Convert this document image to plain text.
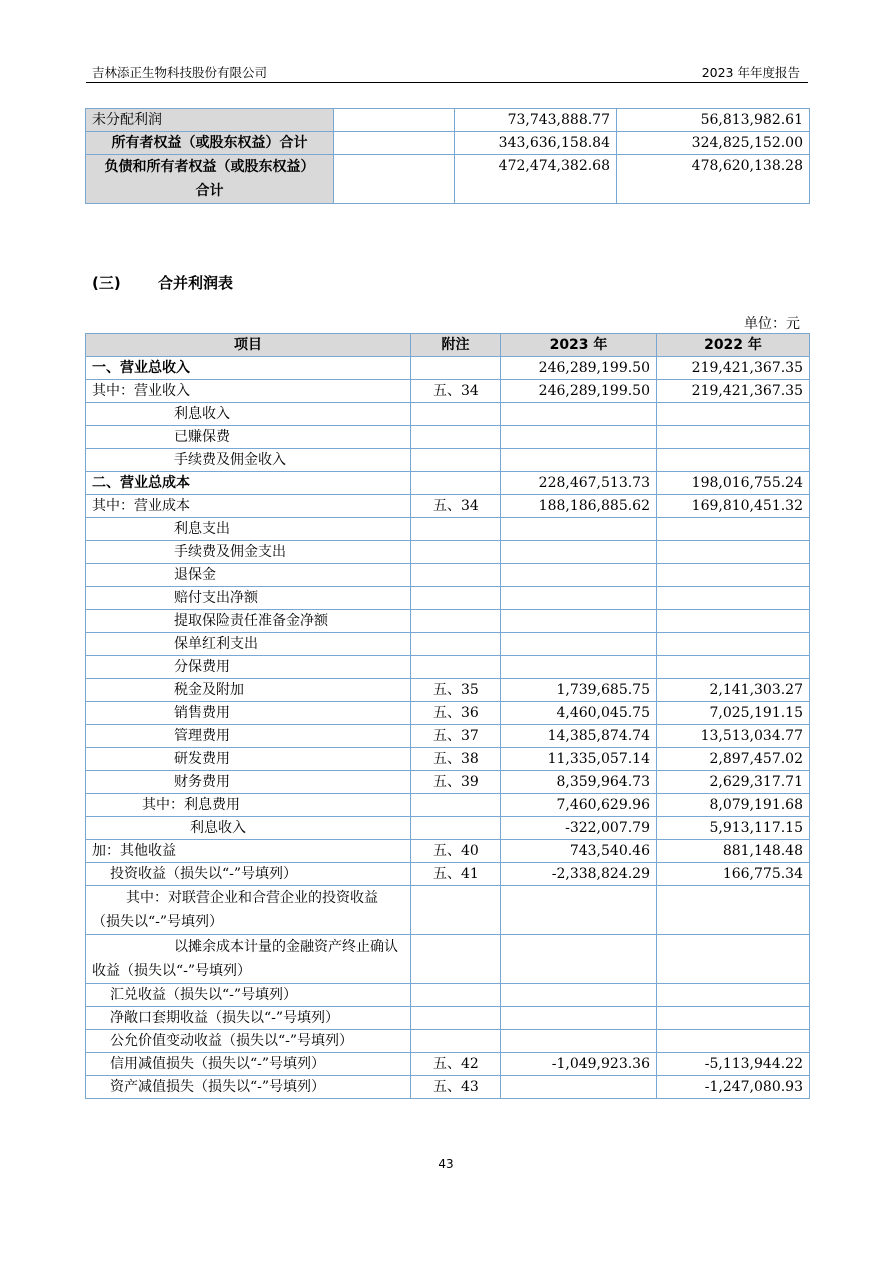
吉林添正生物科技股份有限公司	2023 年年度报告
未分配利润		73,743,888.77	56,813,982.61
所有者权益（或股东权益）合计		343,636,158.84	324,825,152.00
负债和所有者权益（或股东权益）合计		472,474,382.68	478,620,138.28
(三) 合并利润表
单位：元
项目	附注	2023 年	2022 年
一、营业总收入		246,289,199.50	219,421,367.35
其中：营业收入	五、34	246,289,199.50	219,421,367.35
利息收入			
已赚保费			
手续费及佣金收入			
二、营业总成本		228,467,513.73	198,016,755.24
其中：营业成本	五、34	188,186,885.62	169,810,451.32
利息支出			
手续费及佣金支出			
退保金			
赔付支出净额			
提取保险责任准备金净额			
保单红利支出			
分保费用			
税金及附加	五、35	1,739,685.75	2,141,303.27
销售费用	五、36	4,460,045.75	7,025,191.15
管理费用	五、37	14,385,874.74	13,513,034.77
研发费用	五、38	11,335,057.14	2,897,457.02
财务费用	五、39	8,359,964.73	2,629,317.71
其中：利息费用		7,460,629.96	8,079,191.68
利息收入		-322,007.79	5,913,117.15
加：其他收益	五、40	743,540.46	881,148.48
投资收益（损失以“-”号填列）	五、41	-2,338,824.29	166,775.34
其中：对联营企业和合营企业的投资收益（损失以“-”号填列）			
以摊余成本计量的金融资产终止确认收益（损失以“-”号填列）			
汇兑收益（损失以“-”号填列）			
净敞口套期收益（损失以“-”号填列）			
公允价值变动收益（损失以“-”号填列）			
信用减值损失（损失以“-”号填列）	五、42	-1,049,923.36	-5,113,944.22
资产减值损失（损失以“-”号填列）	五、43		-1,247,080.93
43
